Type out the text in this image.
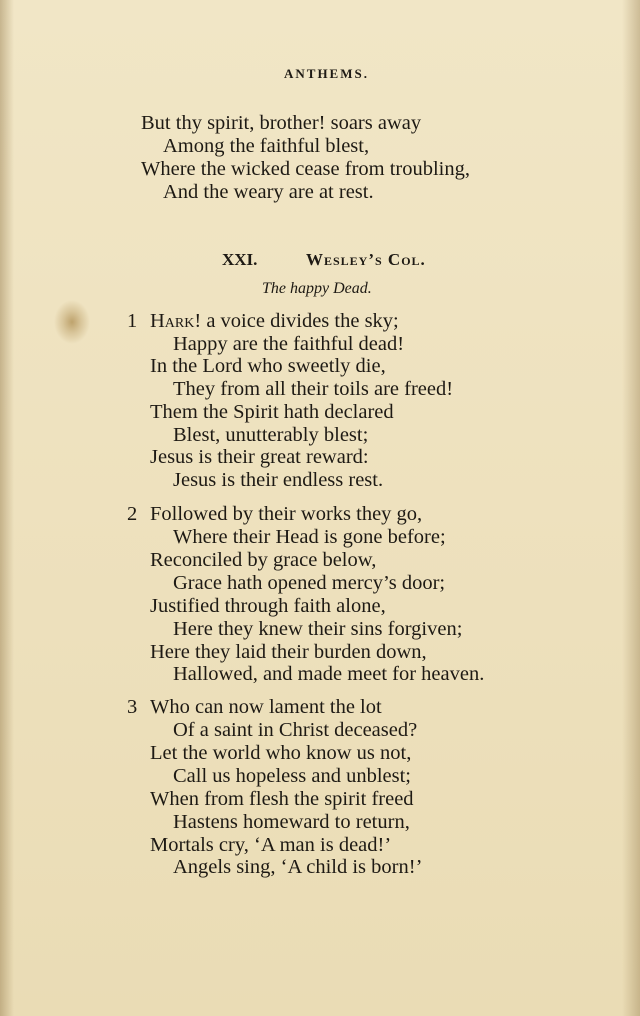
ANTHEMS.
But thy spirit, brother! soars away
Among the faithful blest,
Where the wicked cease from troubling,
And the weary are at rest.
XXI.	Wesley’s Col.
The happy Dead.
1 Hark! a voice divides the sky;
Happy are the faithful dead!
In the Lord who sweetly die,
They from all their toils are freed!
Them the Spirit hath declared
Blest, unutterably blest;
Jesus is their great reward:
Jesus is their endless rest.
2 Followed by their works they go,
Where their Head is gone before;
Reconciled by grace below,
Grace hath opened mercy’s door;
Justified through faith alone,
Here they knew their sins forgiven;
Here they laid their burden down,
Hallowed, and made meet for heaven.
3 Who can now lament the lot
Of a saint in Christ deceased?
Let the world who know us not,
Call us hopeless and unblest;
When from flesh the spirit freed
Hastens homeward to return,
Mortals cry, ‘A man is dead!’
Angels sing, ‘A child is born!’
